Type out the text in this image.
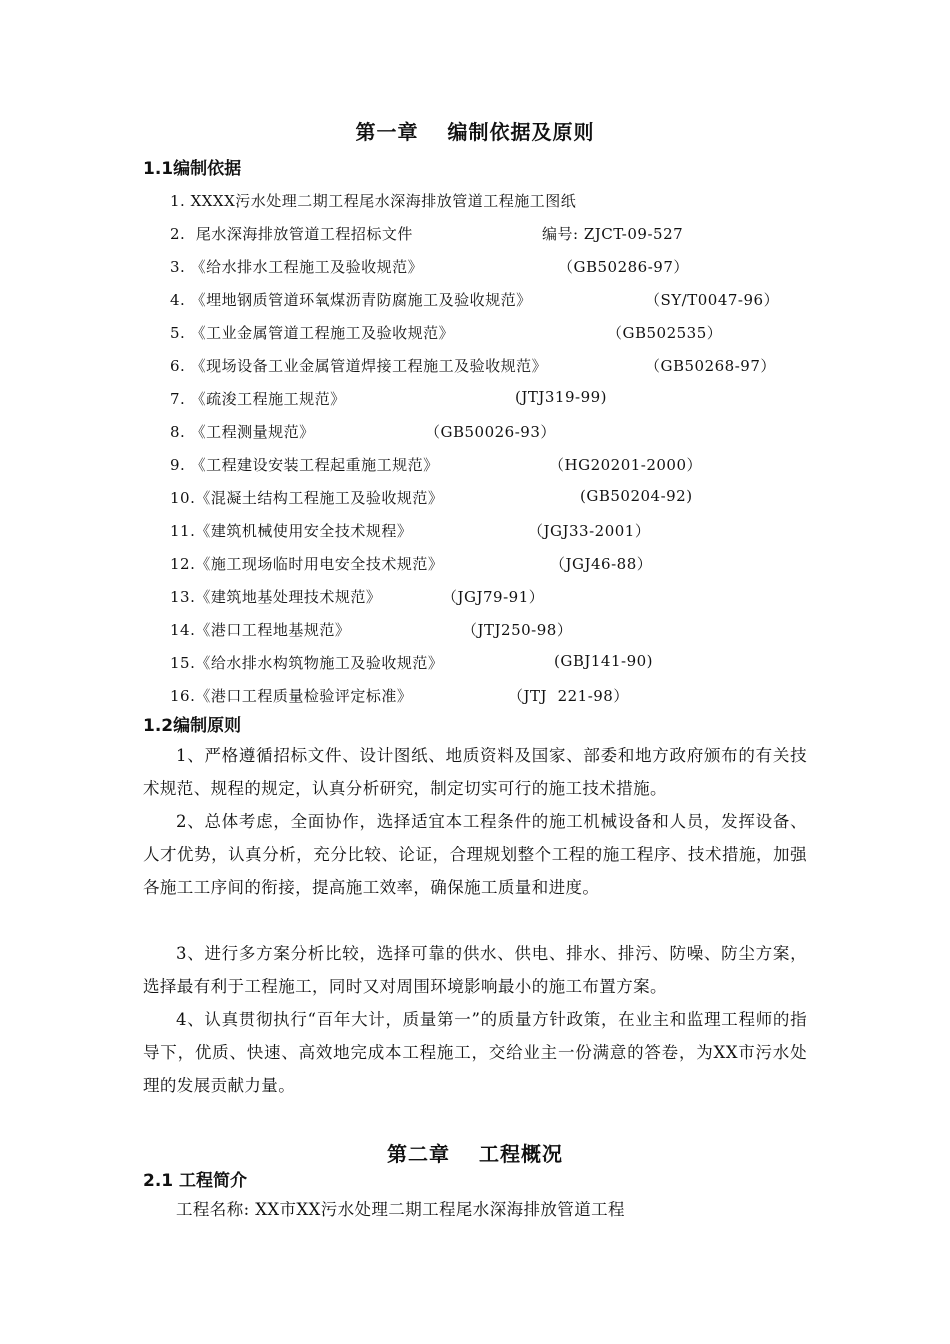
第一章　 编制依据及原则
1.1编制依据
1. XXXX污水处理二期工程尾水深海排放管道工程施工图纸
2.  尾水深海排放管道工程招标文件	编号: ZJCT-09-527
3. 《给水排水工程施工及验收规范》	（GB50286-97）
4. 《埋地钢质管道环氧煤沥青防腐施工及验收规范》	（SY/T0047-96）
5. 《工业金属管道工程施工及验收规范》	（GB502535）
6. 《现场设备工业金属管道焊接工程施工及验收规范》	（GB50268-97）
7. 《疏浚工程施工规范》	(JTJ319-99)
8. 《工程测量规范》	（GB50026-93）
9. 《工程建设安装工程起重施工规范》	（HG20201-2000）
10.《混凝土结构工程施工及验收规范》	(GB50204-92)
11.《建筑机械使用安全技术规程》	（JGJ33-2001）
12.《施工现场临时用电安全技术规范》	（JGJ46-88）
13.《建筑地基处理技术规范》	（JGJ79-91）
14.《港口工程地基规范》	（JTJ250-98）
15.《给水排水构筑物施工及验收规范》	(GBJ141-90)
16.《港口工程质量检验评定标准》	（JTJ  221-98）
1.2编制原则
1、严格遵循招标文件、设计图纸、地质资料及国家、部委和地方政府颁布的有关技术规范、规程的规定，认真分析研究，制定切实可行的施工技术措施。
2、总体考虑，全面协作，选择适宜本工程条件的施工机械设备和人员，发挥设备、人才优势，认真分析，充分比较、论证，合理规划整个工程的施工程序、技术措施，加强各施工工序间的衔接，提高施工效率，确保施工质量和进度。
3、进行多方案分析比较，选择可靠的供水、供电、排水、排污、防噪、防尘方案，选择最有利于工程施工，同时又对周围环境影响最小的施工布置方案。
4、认真贯彻执行“百年大计，质量第一”的质量方针政策，在业主和监理工程师的指导下，优质、快速、高效地完成本工程施工，交给业主一份满意的答卷，为XX市污水处理的发展贡献力量。
第二章　 工程概况
2.1 工程简介
工程名称: XX市XX污水处理二期工程尾水深海排放管道工程
